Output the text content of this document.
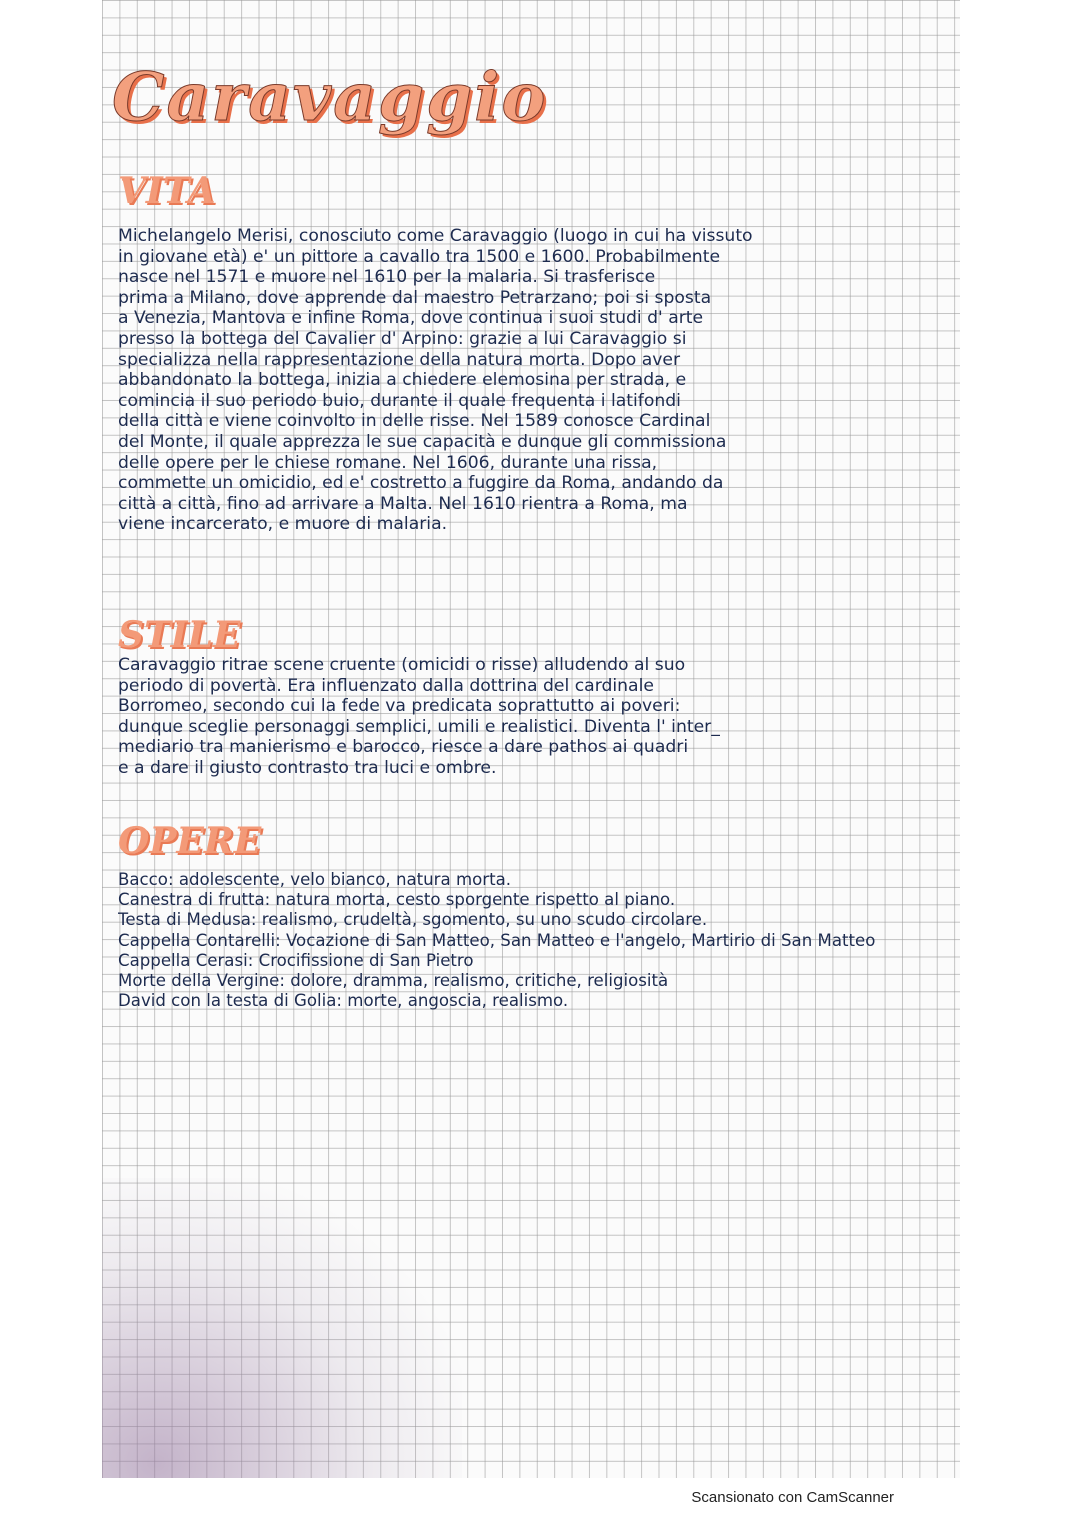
Caravaggio
VITA
Michelangelo Merisi, conosciuto come Caravaggio (luogo in cui ha vissuto
in giovane età) e' un pittore a cavallo tra 1500 e 1600. Probabilmente
nasce nel 1571 e muore nel 1610 per la malaria. Si trasferisce
prima a Milano, dove apprende dal maestro Petrarzano; poi si sposta
a Venezia, Mantova e infine Roma, dove continua i suoi studi d' arte
presso la bottega del Cavalier d' Arpino: grazie a lui Caravaggio si
specializza nella rappresentazione della natura morta. Dopo aver
abbandonato la bottega, inizia a chiedere elemosina per strada, e
comincia il suo periodo buio, durante il quale frequenta i latifondi
della città e viene coinvolto in delle risse. Nel 1589 conosce Cardinal
del Monte, il quale apprezza le sue capacità e dunque gli commissiona
delle opere per le chiese romane. Nel 1606, durante una rissa,
commette un omicidio, ed e' costretto a fuggire da Roma, andando da
città a città, fino ad arrivare a Malta. Nel 1610 rientra a Roma, ma
viene incarcerato, e muore di malaria.
STILE
Caravaggio ritrae scene cruente (omicidi o risse) alludendo al suo
periodo di povertà. Era influenzato dalla dottrina del cardinale
Borromeo, secondo cui la fede va predicata soprattutto ai poveri:
dunque sceglie personaggi semplici, umili e realistici. Diventa l' inter_
mediario tra manierismo e barocco, riesce a dare pathos ai quadri
e a dare il giusto contrasto tra luci e ombre.
OPERE
Bacco: adolescente, velo bianco, natura morta.
Canestra di frutta: natura morta, cesto sporgente rispetto al piano.
Testa di Medusa: realismo, crudeltà, sgomento, su uno scudo circolare.
Cappella Contarelli: Vocazione di San Matteo, San Matteo e l'angelo, Martirio di San Matteo
Cappella Cerasi: Crocifissione di San Pietro
Morte della Vergine: dolore, dramma, realismo, critiche, religiosità
David con la testa di Golia: morte, angoscia, realismo.
Scansionato con CamScanner
